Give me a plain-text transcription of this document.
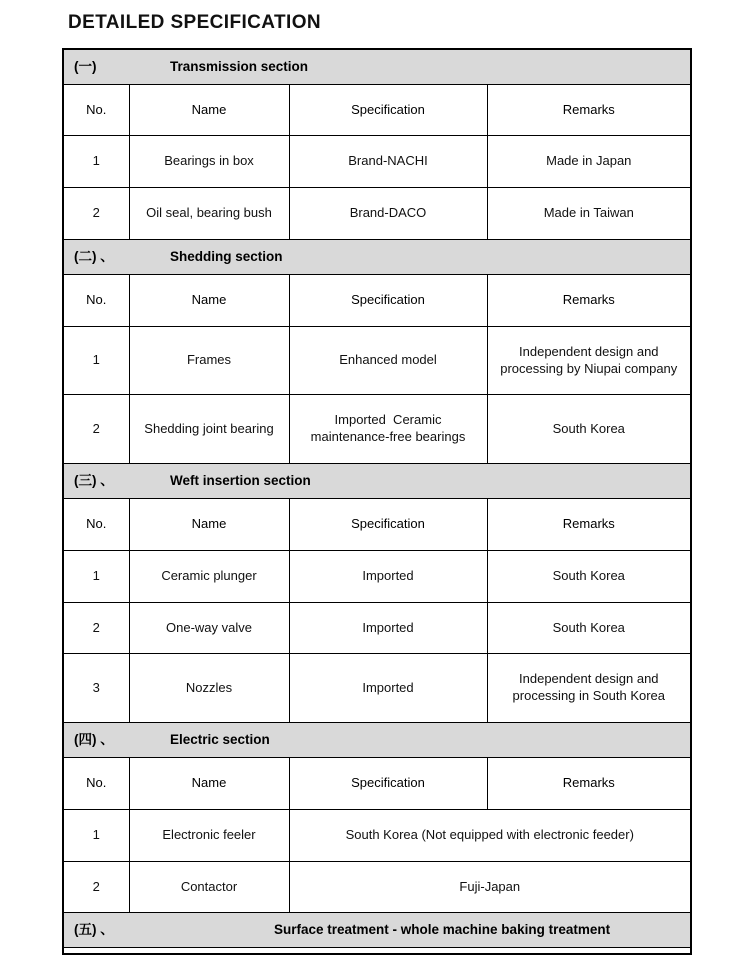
DETAILED SPECIFICATION
(一) Transmission section			

No.	Name	Specification	Remarks
1	Bearings in box	Brand-NACHI	Made in Japan
2	Oil seal, bearing bush	Brand-DACO	Made in Taiwan

(二) 、 Shedding section			

No.	Name	Specification	Remarks
1	Frames	Enhanced model	Independent design and processing by Niupai company
2	Shedding joint bearing	Imported  Ceramic maintenance-free bearings	South Korea

(三) 、 Weft insertion section			

No.	Name	Specification	Remarks
1	Ceramic plunger	Imported	South Korea
2	One-way valve	Imported	South Korea
3	Nozzles	Imported	Independent design and processing in South Korea

(四) 、 Electric section			

No.	Name	Specification	Remarks
1	Electronic feeler	South Korea (Not equipped with electronic feeder)	
2	Contactor	Fuji-Japan	

(五) 、 Surface treatment - whole machine baking treatment			
